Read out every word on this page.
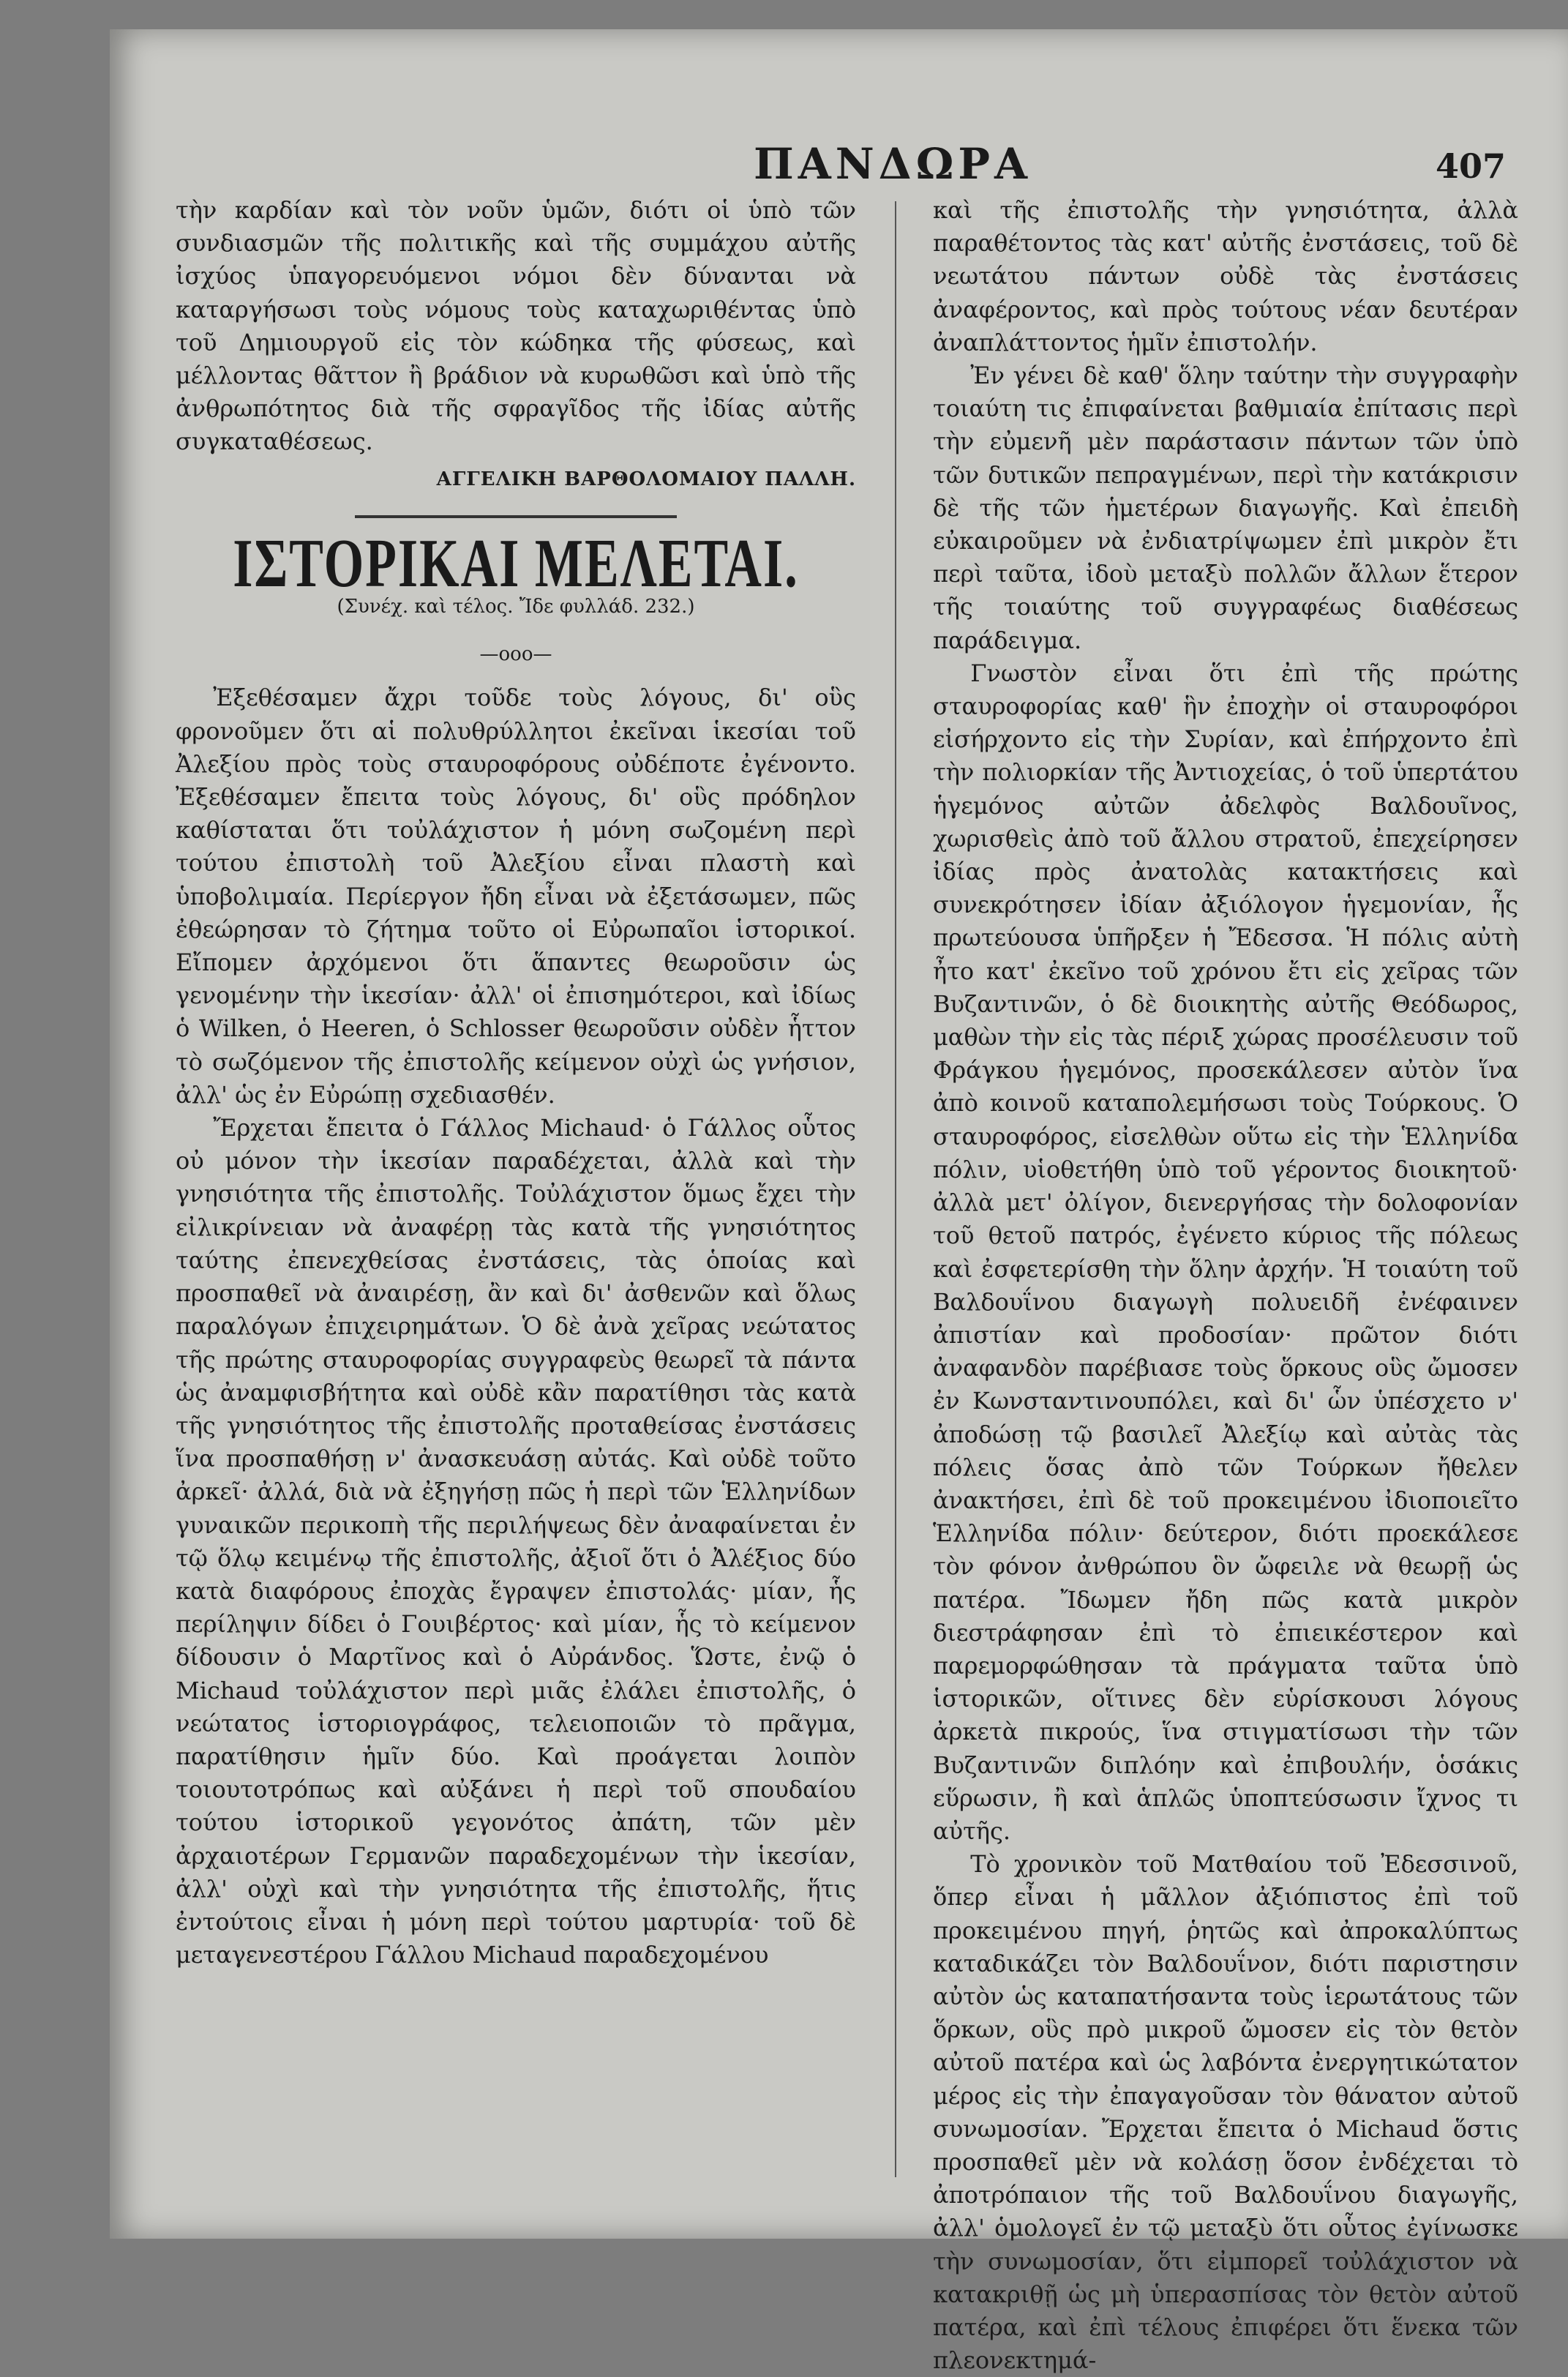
ΠΑΝΔΩΡΑ	407

τὴν καρδίαν καὶ τὸν νοῦν ὑμῶν, διότι οἱ ὑπὸ τῶν συνδιασμῶν τῆς πολιτικῆς καὶ τῆς συμμάχου αὐτῆς ἰσχύος ὑπαγορευόμενοι νόμοι δὲν δύνανται νὰ καταργήσωσι τοὺς νόμους τοὺς καταχωριθέντας ὑπὸ τοῦ Δημιουργοῦ εἰς τὸν κώδηκα τῆς φύσεως, καὶ μέλλοντας θᾶττον ἢ βράδιον νὰ κυρωθῶσι καὶ ὑπὸ τῆς ἀνθρωπότητος διὰ τῆς σφραγῖδος τῆς ἰδίας αὐτῆς συγκαταθέσεως.

ΑΓΓΕΛΙΚΗ ΒΑΡΘΟΛΟΜΑΙΟΥ ΠΑΛΛΗ.
ΙΣΤΟΡΙΚΑΙ ΜΕΛΕΤΑΙ.
(Συνέχ. καὶ τέλος. Ἴδε φυλλάδ. 232.)
—ooo—

Ἐξεθέσαμεν ἄχρι τοῦδε τοὺς λόγους, δι' οὓς φρονοῦμεν ὅτι αἱ πολυθρύλλητοι ἐκεῖναι ἱκεσίαι τοῦ Ἀλεξίου πρὸς τοὺς σταυροφόρους οὐδέποτε ἐγένοντο. Ἐξεθέσαμεν ἔπειτα τοὺς λόγους, δι' οὓς πρόδηλον καθίσταται ὅτι τοὐλάχιστον ἡ μόνη σωζομένη περὶ τούτου ἐπιστολὴ τοῦ Ἀλεξίου εἶναι πλαστὴ καὶ ὑποβολιμαία. Περίεργον ἤδη εἶναι νὰ ἐξετάσωμεν, πῶς ἐθεώρησαν τὸ ζήτημα τοῦτο οἱ Εὐρωπαῖοι ἱστορικοί. Εἴπομεν ἀρχόμενοι ὅτι ἅπαντες θεωροῦσιν ὡς γενομένην τὴν ἱκεσίαν· ἀλλ' οἱ ἐπισημότεροι, καὶ ἰδίως ὁ Wilken, ὁ Heeren, ὁ Schlosser θεωροῦσιν οὐδὲν ἧττον τὸ σωζόμενον τῆς ἐπιστολῆς κείμενον οὐχὶ ὡς γνήσιον, ἀλλ' ὡς ἐν Εὐρώπῃ σχεδιασθέν.

Ἔρχεται ἔπειτα ὁ Γάλλος Michaud· ὁ Γάλλος οὗτος οὐ μόνον τὴν ἱκεσίαν παραδέχεται, ἀλλὰ καὶ τὴν γνησιότητα τῆς ἐπιστολῆς. Τοὐλάχιστον ὅμως ἔχει τὴν εἰλικρίνειαν νὰ ἀναφέρῃ τὰς κατὰ τῆς γνησιότητος ταύτης ἐπενεχθείσας ἐνστάσεις, τὰς ὁποίας καὶ προσπαθεῖ νὰ ἀναιρέσῃ, ἂν καὶ δι' ἀσθενῶν καὶ ὅλως παραλόγων ἐπιχειρημάτων. Ὁ δὲ ἀνὰ χεῖρας νεώτατος τῆς πρώτης σταυροφορίας συγγραφεὺς θεωρεῖ τὰ πάντα ὡς ἀναμφισβήτητα καὶ οὐδὲ κἂν παρατίθησι τὰς κατὰ τῆς γνησιότητος τῆς ἐπιστολῆς προταθείσας ἐνστάσεις ἵνα προσπαθήσῃ ν' ἀνασκευάσῃ αὐτάς. Καὶ οὐδὲ τοῦτο ἀρκεῖ· ἀλλά, διὰ νὰ ἐξηγήσῃ πῶς ἡ περὶ τῶν Ἑλληνίδων γυναικῶν περικοπὴ τῆς περιλήψεως δὲν ἀναφαίνεται ἐν τῷ ὅλῳ κειμένῳ τῆς ἐπιστολῆς, ἀξιοῖ ὅτι ὁ Ἀλέξιος δύο κατὰ διαφόρους ἐποχὰς ἔγραψεν ἐπιστολάς· μίαν, ἧς περίληψιν δίδει ὁ Γουιβέρτος· καὶ μίαν, ἧς τὸ κείμενον δίδουσιν ὁ Μαρτῖνος καὶ ὁ Αὐράνδος. Ὥστε, ἐνῷ ὁ Michaud τοὐλάχιστον περὶ μιᾶς ἐλάλει ἐπιστολῆς, ὁ νεώτατος ἱστοριογράφος, τελειοποιῶν τὸ πρᾶγμα, παρατίθησιν ἡμῖν δύο. Καὶ προάγεται λοιπὸν τοιουτοτρόπως καὶ αὐξάνει ἡ περὶ τοῦ σπουδαίου τούτου ἱστορικοῦ γεγονότος ἀπάτη, τῶν μὲν ἀρχαιοτέρων Γερμανῶν παραδεχομένων τὴν ἱκεσίαν, ἀλλ' οὐχὶ καὶ τὴν γνησιότητα τῆς ἐπιστολῆς, ἥτις ἐντούτοις εἶναι ἡ μόνη περὶ τούτου μαρτυρία· τοῦ δὲ μεταγενεστέρου Γάλλου Michaud παραδεχομένου

καὶ τῆς ἐπιστολῆς τὴν γνησιότητα, ἀλλὰ παραθέτοντος τὰς κατ' αὐτῆς ἐνστάσεις, τοῦ δὲ νεωτάτου πάντων οὐδὲ τὰς ἐνστάσεις ἀναφέροντος, καὶ πρὸς τούτους νέαν δευτέραν ἀναπλάττοντος ἡμῖν ἐπιστολήν.

Ἐν γένει δὲ καθ' ὅλην ταύτην τὴν συγγραφὴν τοιαύτη τις ἐπιφαίνεται βαθμιαία ἐπίτασις περὶ τὴν εὐμενῆ μὲν παράστασιν πάντων τῶν ὑπὸ τῶν δυτικῶν πεπραγμένων, περὶ τὴν κατάκρισιν δὲ τῆς τῶν ἡμετέρων διαγωγῆς. Καὶ ἐπειδὴ εὐκαιροῦμεν νὰ ἐνδιατρίψωμεν ἐπὶ μικρὸν ἔτι περὶ ταῦτα, ἰδοὺ μεταξὺ πολλῶν ἄλλων ἕτερον τῆς τοιαύτης τοῦ συγγραφέως διαθέσεως παράδειγμα.

Γνωστὸν εἶναι ὅτι ἐπὶ τῆς πρώτης σταυροφορίας καθ' ἣν ἐποχὴν οἱ σταυροφόροι εἰσήρχοντο εἰς τὴν Συρίαν, καὶ ἐπήρχοντο ἐπὶ τὴν πολιορκίαν τῆς Ἀντιοχείας, ὁ τοῦ ὑπερτάτου ἡγεμόνος αὐτῶν ἀδελφὸς Βαλδουῖνος, χωρισθεὶς ἀπὸ τοῦ ἄλλου στρατοῦ, ἐπεχείρησεν ἰδίας πρὸς ἀνατολὰς κατακτήσεις καὶ συνεκρότησεν ἰδίαν ἀξιόλογον ἡγεμονίαν, ἧς πρωτεύουσα ὑπῆρξεν ἡ Ἔδεσσα. Ἡ πόλις αὐτὴ ἦτο κατ' ἐκεῖνο τοῦ χρόνου ἔτι εἰς χεῖρας τῶν Βυζαντινῶν, ὁ δὲ διοικητὴς αὐτῆς Θεόδωρος, μαθὼν τὴν εἰς τὰς πέριξ χώρας προσέλευσιν τοῦ Φράγκου ἡγεμόνος, προσεκάλεσεν αὐτὸν ἵνα ἀπὸ κοινοῦ καταπολεμήσωσι τοὺς Τούρκους. Ὁ σταυροφόρος, εἰσελθὼν οὕτω εἰς τὴν Ἑλληνίδα πόλιν, υἱοθετήθη ὑπὸ τοῦ γέροντος διοικητοῦ· ἀλλὰ μετ' ὀλίγον, διενεργήσας τὴν δολοφονίαν τοῦ θετοῦ πατρός, ἐγένετο κύριος τῆς πόλεως καὶ ἐσφετερίσθη τὴν ὅλην ἀρχήν. Ἡ τοιαύτη τοῦ Βαλδουΐνου διαγωγὴ πολυειδῆ ἐνέφαινεν ἀπιστίαν καὶ προδοσίαν· πρῶτον διότι ἀναφανδὸν παρέβιασε τοὺς ὅρκους οὓς ὤμοσεν ἐν Κωνσταντινουπόλει, καὶ δι' ὧν ὑπέσχετο ν' ἀποδώσῃ τῷ βασιλεῖ Ἀλεξίῳ καὶ αὐτὰς τὰς πόλεις ὅσας ἀπὸ τῶν Τούρκων ἤθελεν ἀνακτήσει, ἐπὶ δὲ τοῦ προκειμένου ἰδιοποιεῖτο Ἑλληνίδα πόλιν· δεύτερον, διότι προεκάλεσε τὸν φόνον ἀνθρώπου ὃν ὤφειλε νὰ θεωρῇ ὡς πατέρα. Ἴδωμεν ἤδη πῶς κατὰ μικρὸν διεστράφησαν ἐπὶ τὸ ἐπιεικέστερον καὶ παρεμορφώθησαν τὰ πράγματα ταῦτα ὑπὸ ἱστορικῶν, οἵτινες δὲν εὑρίσκουσι λόγους ἀρκετὰ πικρούς, ἵνα στιγματίσωσι τὴν τῶν Βυζαντινῶν διπλόην καὶ ἐπιβουλήν, ὁσάκις εὕρωσιν, ἢ καὶ ἁπλῶς ὑποπτεύσωσιν ἴχνος τι αὐτῆς.

Τὸ χρονικὸν τοῦ Ματθαίου τοῦ Ἐδεσσινοῦ, ὅπερ εἶναι ἡ μᾶλλον ἀξιόπιστος ἐπὶ τοῦ προκειμένου πηγή, ῥητῶς καὶ ἀπροκαλύπτως καταδικάζει τὸν Βαλδουΐνον, διότι παριστησιν αὐτὸν ὡς καταπατήσαντα τοὺς ἱερωτάτους τῶν ὅρκων, οὓς πρὸ μικροῦ ὤμοσεν εἰς τὸν θετὸν αὐτοῦ πατέρα καὶ ὡς λαβόντα ἐνεργητικώτατον μέρος εἰς τὴν ἐπαγαγοῦσαν τὸν θάνατον αὐτοῦ συνωμοσίαν. Ἔρχεται ἔπειτα ὁ Michaud ὅστις προσπαθεῖ μὲν νὰ κολάσῃ ὅσον ἐνδέχεται τὸ ἀποτρόπαιον τῆς τοῦ Βαλδουΐνου διαγωγῆς, ἀλλ' ὁμολογεῖ ἐν τῷ μεταξὺ ὅτι οὗτος ἐγίνωσκε τὴν συνωμοσίαν, ὅτι εἰμπορεῖ τοὐλάχιστον νὰ κατακριθῇ ὡς μὴ ὑπερασπίσας τὸν θετὸν αὐτοῦ πατέρα, καὶ ἐπὶ τέλους ἐπιφέρει ὅτι ἕνεκα τῶν πλεονεκτημά-
